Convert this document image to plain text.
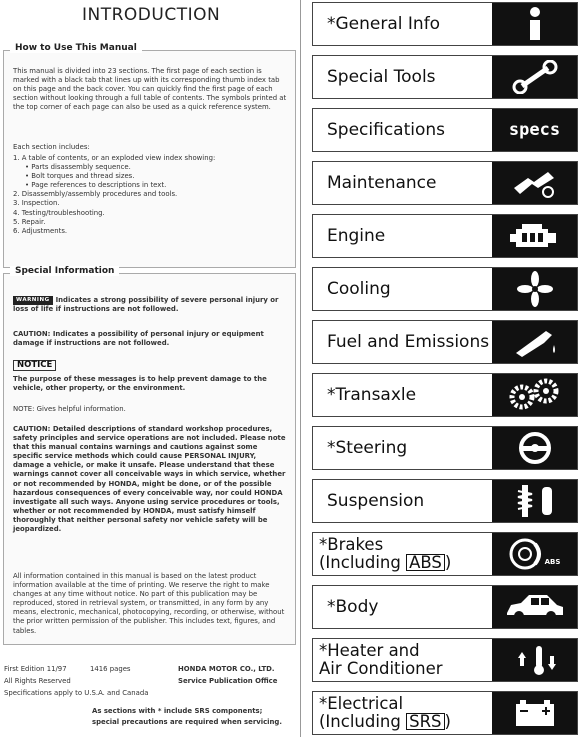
INTRODUCTION
How to Use This Manual
This manual is divided into 23 sections. The first page of each section is marked with a black tab that lines up with its corresponding thumb index tab on this page and the back cover. You can quickly find the first page of each section without looking through a full table of contents. The symbols printed at the top corner of each page can also be used as a quick reference system.
Each section includes:
1. A table of contents, or an exploded view index showing:
• Parts disassembly sequence.
• Bolt torques and thread sizes.
• Page references to descriptions in text.
2. Disassembly/assembly procedures and tools.
3. Inspection.
4. Testing/troubleshooting.
5. Repair.
6. Adjustments.
Special Information
WARNING Indicates a strong possibility of severe personal injury or loss of life if instructions are not followed.
CAUTION: Indicates a possibility of personal injury or equipment damage if instructions are not followed.
NOTICE
The purpose of these messages is to help prevent damage to the vehicle, other property, or the environment.
NOTE: Gives helpful information.
CAUTION: Detailed descriptions of standard workshop procedures, safety principles and service operations are not included. Please note that this manual contains warnings and cautions against some specific service methods which could cause PERSONAL INJURY, damage a vehicle, or make it unsafe. Please understand that these warnings cannot cover all conceivable ways in which service, whether or not recommended by HONDA, might be done, or of the possible hazardous consequences of every conceivable way, nor could HONDA investigate all such ways. Anyone using service procedures or tools, whether or not recommended by HONDA, must satisfy himself thoroughly that neither personal safety nor vehicle safety will be jeopardized.
All information contained in this manual is based on the latest product information available at the time of printing. We reserve the right to make changes at any time without notice. No part of this publication may be reproduced, stored in retrieval system, or transmitted, in any form by any means, electronic, mechanical, photocopying, recording, or otherwise, without the prior written permission of the publisher. This includes text, figures, and tables.
First Edition 11/97	1416 pages
All Rights Reserved
Specifications apply to U.S.A. and Canada
HONDA MOTOR CO., LTD.
Service Publication Office
As sections with * include SRS components;
special precautions are required when servicing.
*General Info
Special Tools
Specifications	specs
Maintenance
Engine
Cooling
Fuel and Emissions
*Transaxle
*Steering
Suspension
*Brakes
(Including ABS )	ABS
*Body
*Heater and
Air Conditioner
*Electrical
(Including SRS )
